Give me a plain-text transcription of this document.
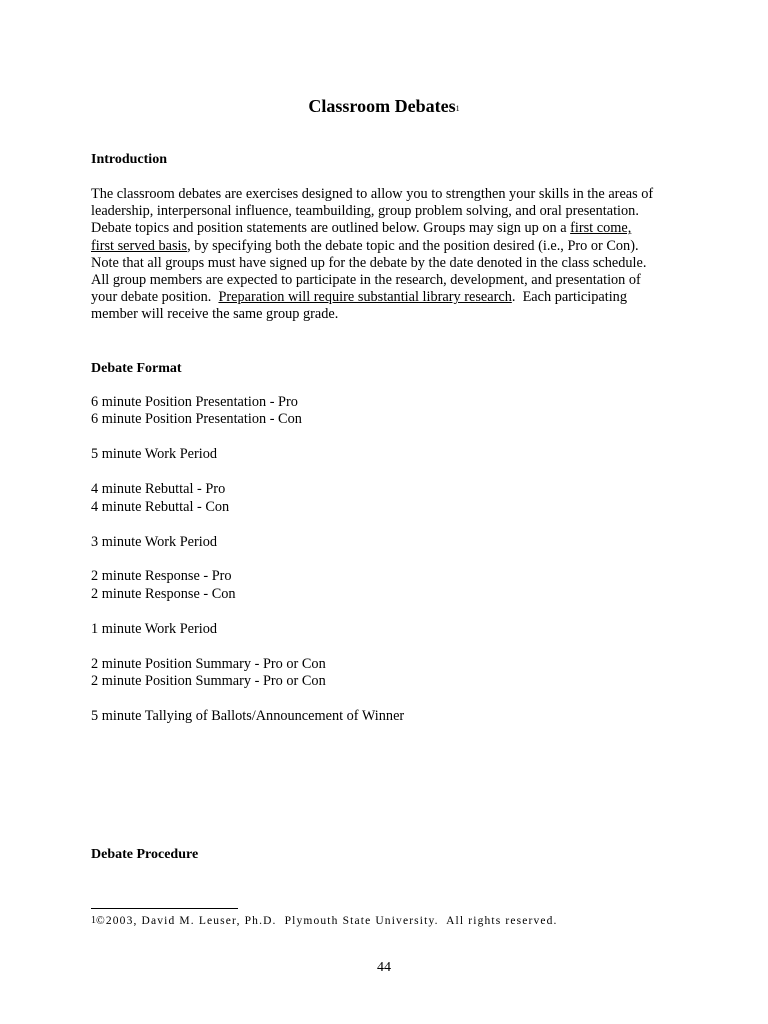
Classroom Debates$^1$
Introduction
The classroom debates are exercises designed to allow you to strengthen your skills in the areas of
leadership, interpersonal influence, teambuilding, group problem solving, and oral presentation.
Debate topics and position statements are outlined below. Groups may sign up on a first come,
first served basis, by specifying both the debate topic and the position desired (i.e., Pro or Con).
Note that all groups must have signed up for the debate by the date denoted in the class schedule.
All group members are expected to participate in the research, development, and presentation of
your debate position.  Preparation will require substantial library research.  Each participating
member will receive the same group grade.
Debate Format
6 minute Position Presentation - Pro
6 minute Position Presentation - Con
5 minute Work Period
4 minute Rebuttal - Pro
4 minute Rebuttal - Con
3 minute Work Period
2 minute Response - Pro
2 minute Response - Con
1 minute Work Period
2 minute Position Summary - Pro or Con
2 minute Position Summary - Pro or Con
5 minute Tallying of Ballots/Announcement of Winner
Debate Procedure
$^1$©2003, David M. Leuser, Ph.D.  Plymouth State University.  All rights reserved.
44
